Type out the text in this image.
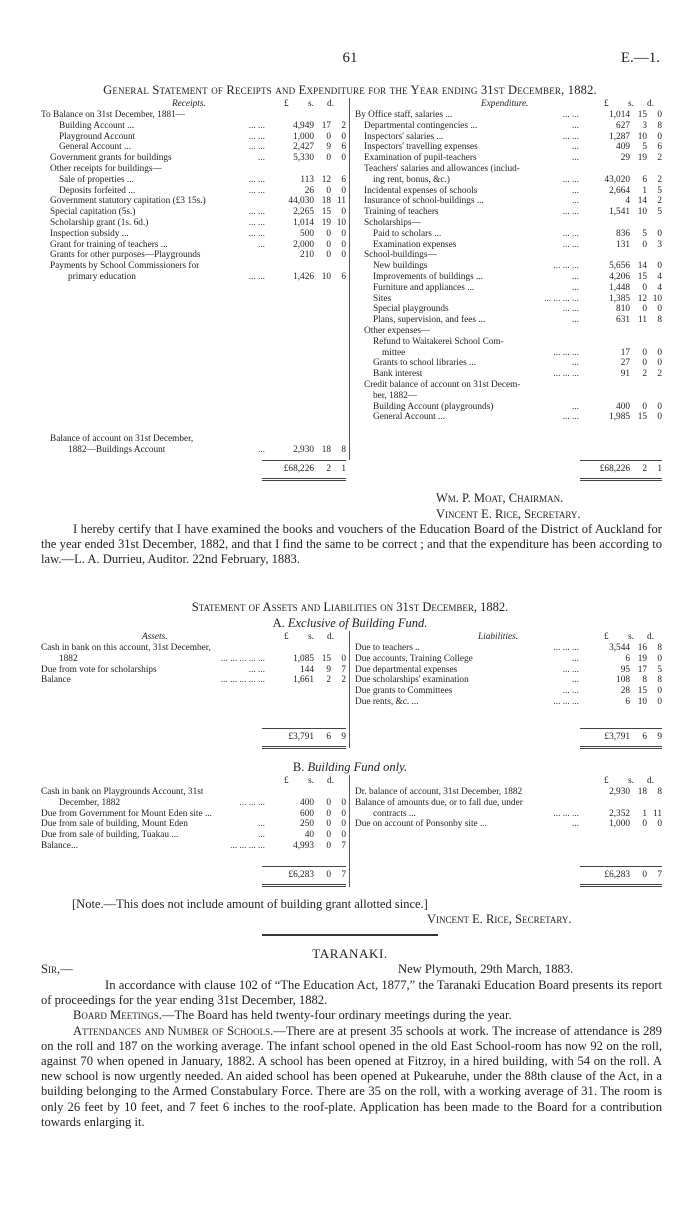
61	E.—1.
General Statement of Receipts and Expenditure for the Year ending 31st December, 1882.
Receipts.	£ s. d.	Expenditure.	£ s. d.
To Balance on 31st December, 1881—
Building Account ...	... ...	4,949 17 2
Playground Account	... ...	1,000 0 0
General Account ...	... ...	2,427 9 6
Government grants for buildings	...	5,330 0 0
Other receipts for buildings—
Sale of properties ...	... ...	113 12 6
Deposits forfeited ...	... ...	26 0 0
Government statutory capitation (£3 15s.)	44,030 18 11
Special capitation (5s.)	... ...	2,265 15 0
Scholarship grant (1s. 6d.)	... ...	1,014 19 10
Inspection subsidy ...	... ...	500 0 0
Grant for training of teachers ...	...	2,000 0 0
Grants for other purposes—Playgrounds	210 0 0
Payments by School Commissioners for
primary education	... ...	1,426 10 6
Balance of account on 31st December,
1882—Buildings Account	...	2,930 18 8
By Office staff, salaries ...	... ...	1,014 15 0
Departmental contingencies ...	...	627 3 8
Inspectors' salaries ...	... ...	1,287 10 0
Inspectors' travelling expenses	...	409 5 6
Examination of pupil-teachers	...	29 19 2
Teachers' salaries and allowances (includ-
ing rent, bonus, &c.)	... ...	43,020 6 2
Incidental expenses of schools	...	2,664 1 5
Insurance of school-buildings ...	...	4 14 2
Training of teachers	... ...	1,541 10 5
Scholarships—
Paid to scholars ...	... ...	836 5 0
Examination expenses	... ...	131 0 3
School-buildings—
New buildings	... ... ...	5,656 14 0
Improvements of buildings ...	...	4,206 15 4
Furniture and appliances ...	...	1,448 0 4
Sites	... ... ... ...	1,385 12 10
Special playgrounds	... ...	810 0 0
Plans, supervision, and fees ...	...	631 11 8
Other expenses—
Refund to Waitakerei School Com-
mittee	... ... ...	17 0 0
Grants to school libraries ...	...	27 0 0
Bank interest	... ... ...	91 2 2
Credit balance of account on 31st Decem-
ber, 1882—
Building Account (playgrounds)	...	400 0 0
General Account ...	... ...	1,985 15 0
£68,226 2 1	£68,226 2 1
Wm. P. Moat, Chairman.
Vincent E. Rice, Secretary.
I hereby certify that I have examined the books and vouchers of the Education Board of the District of Auckland for the year ended 31st December, 1882, and that I find the same to be correct ; and that the expenditure has been according to law.—L. A. Durrieu, Auditor. 22nd February, 1883.
Statement of Assets and Liabilities on 31st December, 1882.
A. Exclusive of Building Fund.
Assets.	£ s. d.	Liabilities.	£ s. d.
Cash in bank on this account, 31st December,
1882	... ... ... ... ...	1,085 15 0
Due from vote for scholarships	... ...	144 9 7
Balance	... ... ... ... ...	1,661 2 2
Due to teachers ..	... ... ...	3,544 16 8
Due accounts, Training College	...	6 19 0
Due departmental expenses	... ...	95 17 5
Due scholarships' examination	...	108 8 8
Due grants to Committees	... ...	28 15 0
Due rents, &c. ...	... ... ...	6 10 0
£3,791 6 9	£3,791 6 9
B. Building Fund only.
£ s. d.	£ s. d.
Cash in bank on Playgrounds Account, 31st
December, 1882	... ... ...	400 0 0
Due from Government for Mount Eden site ...	600 0 0
Due from sale of building, Mount Eden	...	250 0 0
Due from sale of building, Tuakau ...	...	40 0 0
Balance...	... ... ... ...	4,993 0 7
Dr. balance of account, 31st December, 1882	2,930 18 8
Balance of amounts due, or to fall due, under
contracts ...	... ... ...	2,352 1 11
Due on account of Ponsonby site ...	...	1,000 0 0
£6,283 0 7	£6,283 0 7
[Note.—This does not include amount of building grant allotted since.]
Vincent E. Rice, Secretary.
TARANAKI.
Sir,—	New Plymouth, 29th March, 1883.

In accordance with clause 102 of “The Education Act, 1877,” the Taranaki Education Board presents its report of proceedings for the year ending 31st December, 1882.

Board Meetings.—The Board has held twenty-four ordinary meetings during the year.

Attendances and Number of Schools.—There are at present 35 schools at work. The increase of attendance is 289 on the roll and 187 on the working average. The infant school opened in the old East School-room has now 92 on the roll, against 70 when opened in January, 1882. A school has been opened at Fitzroy, in a hired building, with 54 on the roll. A new school is now urgently needed. An aided school has been opened at Pukearuhe, under the 88th clause of the Act, in a building belonging to the Armed Constabulary Force. There are 35 on the roll, with a working average of 31. The room is only 26 feet by 10 feet, and 7 feet 6 inches to the roof-plate. Application has been made to the Board for a contribution towards enlarging it.
